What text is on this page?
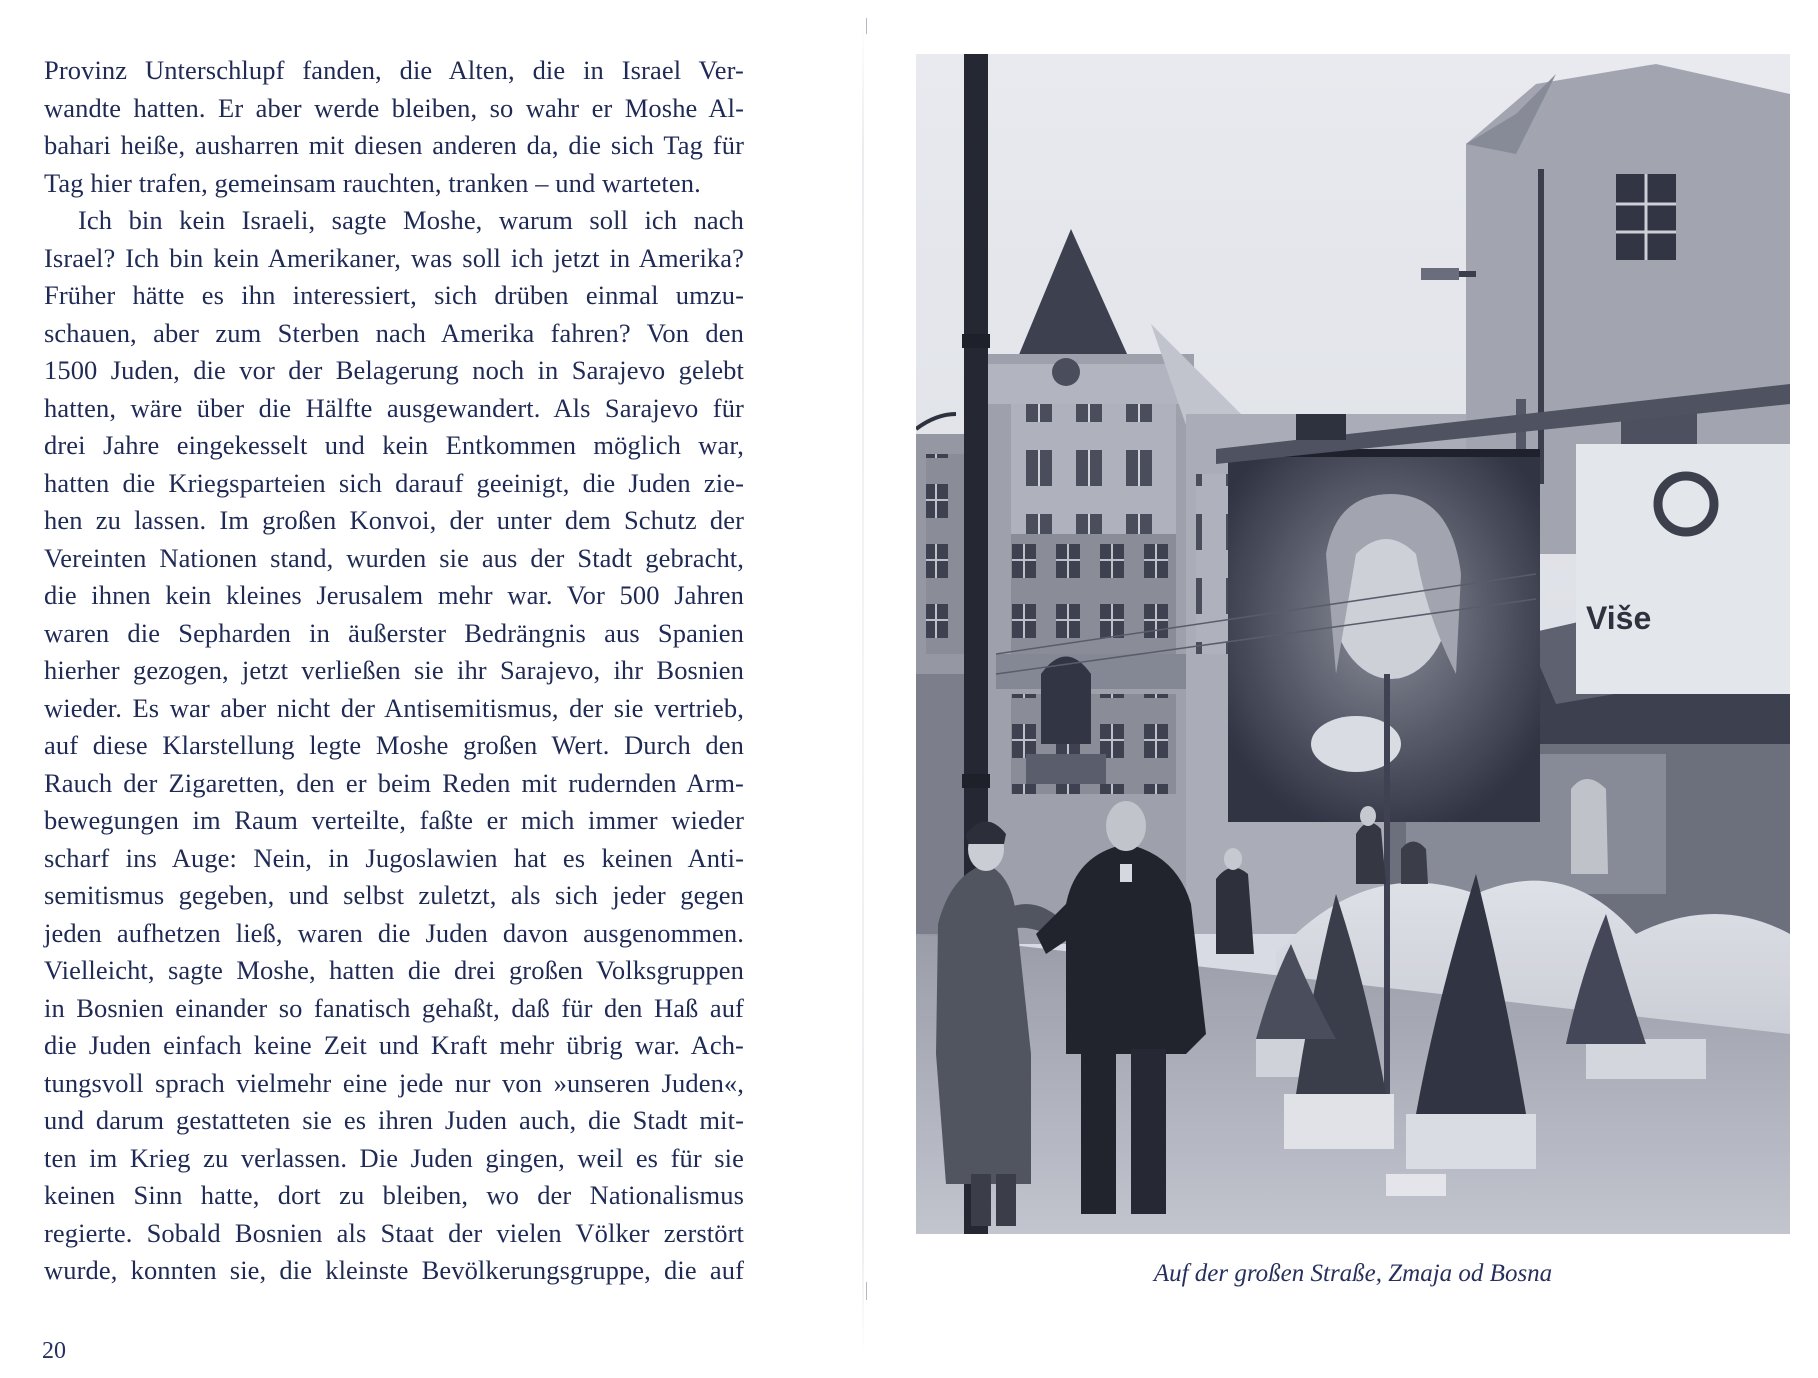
Provinz Unterschlupf fanden, die Alten, die in Israel Ver-
wandte hatten. Er aber werde bleiben, so wahr er Moshe Al-
bahari heiße, ausharren mit diesen anderen da, die sich Tag für
Tag hier trafen, gemeinsam rauchten, tranken – und warteten.
Ich bin kein Israeli, sagte Moshe, warum soll ich nach
Israel? Ich bin kein Amerikaner, was soll ich jetzt in Amerika?
Früher hätte es ihn interessiert, sich drüben einmal umzu-
schauen, aber zum Sterben nach Amerika fahren? Von den
1500 Juden, die vor der Belagerung noch in Sarajevo gelebt
hatten, wäre über die Hälfte ausgewandert. Als Sarajevo für
drei Jahre eingekesselt und kein Entkommen möglich war,
hatten die Kriegsparteien sich darauf geeinigt, die Juden zie-
hen zu lassen. Im großen Konvoi, der unter dem Schutz der
Vereinten Nationen stand, wurden sie aus der Stadt gebracht,
die ihnen kein kleines Jerusalem mehr war. Vor 500 Jahren
waren die Sepharden in äußerster Bedrängnis aus Spanien
hierher gezogen, jetzt verließen sie ihr Sarajevo, ihr Bosnien
wieder. Es war aber nicht der Antisemitismus, der sie vertrieb,
auf diese Klarstellung legte Moshe großen Wert. Durch den
Rauch der Zigaretten, den er beim Reden mit rudernden Arm-
bewegungen im Raum verteilte, faßte er mich immer wieder
scharf ins Auge: Nein, in Jugoslawien hat es keinen Anti-
semitismus gegeben, und selbst zuletzt, als sich jeder gegen
jeden aufhetzen ließ, waren die Juden davon ausgenommen.
Vielleicht, sagte Moshe, hatten die drei großen Volksgruppen
in Bosnien einander so fanatisch gehaßt, daß für den Haß auf
die Juden einfach keine Zeit und Kraft mehr übrig war. Ach-
tungsvoll sprach vielmehr eine jede nur von »unseren Juden«,
und darum gestatteten sie es ihren Juden auch, die Stadt mit-
ten im Krieg zu verlassen. Die Juden gingen, weil es für sie
keinen Sinn hatte, dort zu bleiben, wo der Nationalismus
regierte. Sobald Bosnien als Staat der vielen Völker zerstört
wurde, konnten sie, die kleinste Bevölkerungsgruppe, die auf
20
Više
Auf der großen Straße, Zmaja od Bosna
